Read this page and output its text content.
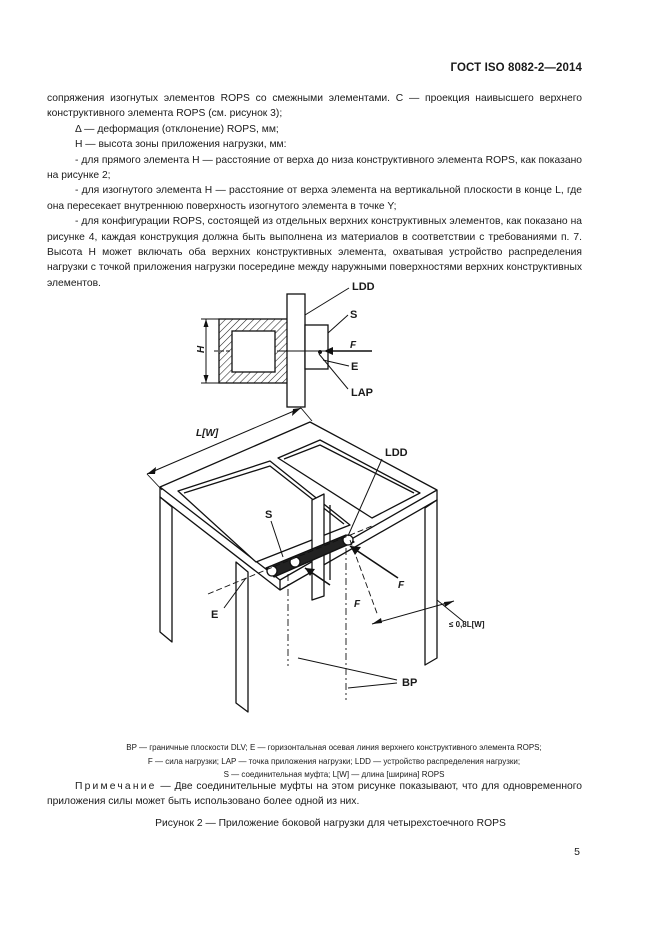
ГОСТ ISO 8082-2—2014

сопряжения изогнутых элементов ROPS со смежными элементами. С — проекция наивысшего верхнего конструктивного элемента ROPS (см. рисунок 3);

Δ — деформация (отклонение) ROPS, мм;

H — высота зоны приложения нагрузки, мм:

- для прямого элемента H — расстояние от верха до низа конструктивного элемента ROPS, как показано на рисунке 2;

- для изогнутого элемента H — расстояние от верха элемента на вертикальной плоскости в конце L, где она пересекает внутреннюю поверхность изогнутого элемента в точке Y;

- для конфигурации ROPS, состоящей из отдельных верхних конструктивных элементов, как показано на рисунке 4, каждая конструкция должна быть выполнена из материалов в соответствии с требованиями п. 7. Высота H может включать оба верхних конструктивных элемента, охватывая устройство распределения нагрузки с точкой приложения нагрузки посередине между наружными поверхностями верхних конструктивных элементов.	LDD
S
F
E
LAP
H
L[W]
LDD
S
F
F
E
≤ 0,8L[W]
BP

BP — граничные плоскости DLV; E — горизонтальная осевая линия верхнего конструктивного элемента ROPS;

F — сила нагрузки; LAP — точка приложения нагрузки; LDD — устройство распределения нагрузки;

S — соединительная муфта; L[W] — длина [ширина] ROPS

Примечание — Две соединительные муфты на этом рисунке показывают, что для одновременного приложения силы может быть использовано более одной из них.
Рисунок 2 — Приложение боковой нагрузки для четырехстоечного ROPS
5
